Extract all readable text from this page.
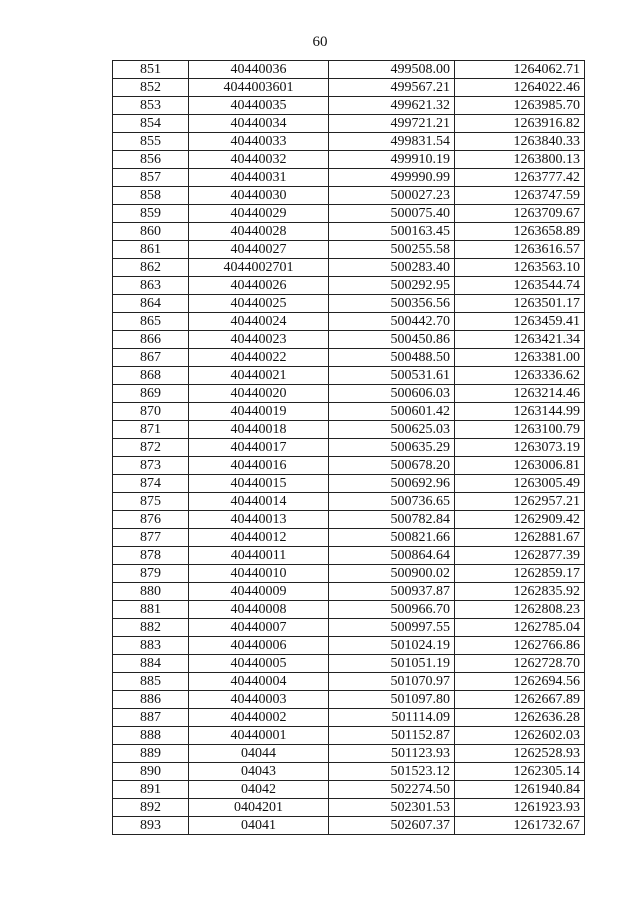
60
851	40440036	499508.00	1264062.71
852	4044003601	499567.21	1264022.46
853	40440035	499621.32	1263985.70
854	40440034	499721.21	1263916.82
855	40440033	499831.54	1263840.33
856	40440032	499910.19	1263800.13
857	40440031	499990.99	1263777.42
858	40440030	500027.23	1263747.59
859	40440029	500075.40	1263709.67
860	40440028	500163.45	1263658.89
861	40440027	500255.58	1263616.57
862	4044002701	500283.40	1263563.10
863	40440026	500292.95	1263544.74
864	40440025	500356.56	1263501.17
865	40440024	500442.70	1263459.41
866	40440023	500450.86	1263421.34
867	40440022	500488.50	1263381.00
868	40440021	500531.61	1263336.62
869	40440020	500606.03	1263214.46
870	40440019	500601.42	1263144.99
871	40440018	500625.03	1263100.79
872	40440017	500635.29	1263073.19
873	40440016	500678.20	1263006.81
874	40440015	500692.96	1263005.49
875	40440014	500736.65	1262957.21
876	40440013	500782.84	1262909.42
877	40440012	500821.66	1262881.67
878	40440011	500864.64	1262877.39
879	40440010	500900.02	1262859.17
880	40440009	500937.87	1262835.92
881	40440008	500966.70	1262808.23
882	40440007	500997.55	1262785.04
883	40440006	501024.19	1262766.86
884	40440005	501051.19	1262728.70
885	40440004	501070.97	1262694.56
886	40440003	501097.80	1262667.89
887	40440002	501114.09	1262636.28
888	40440001	501152.87	1262602.03
889	04044	501123.93	1262528.93
890	04043	501523.12	1262305.14
891	04042	502274.50	1261940.84
892	0404201	502301.53	1261923.93
893	04041	502607.37	1261732.67
